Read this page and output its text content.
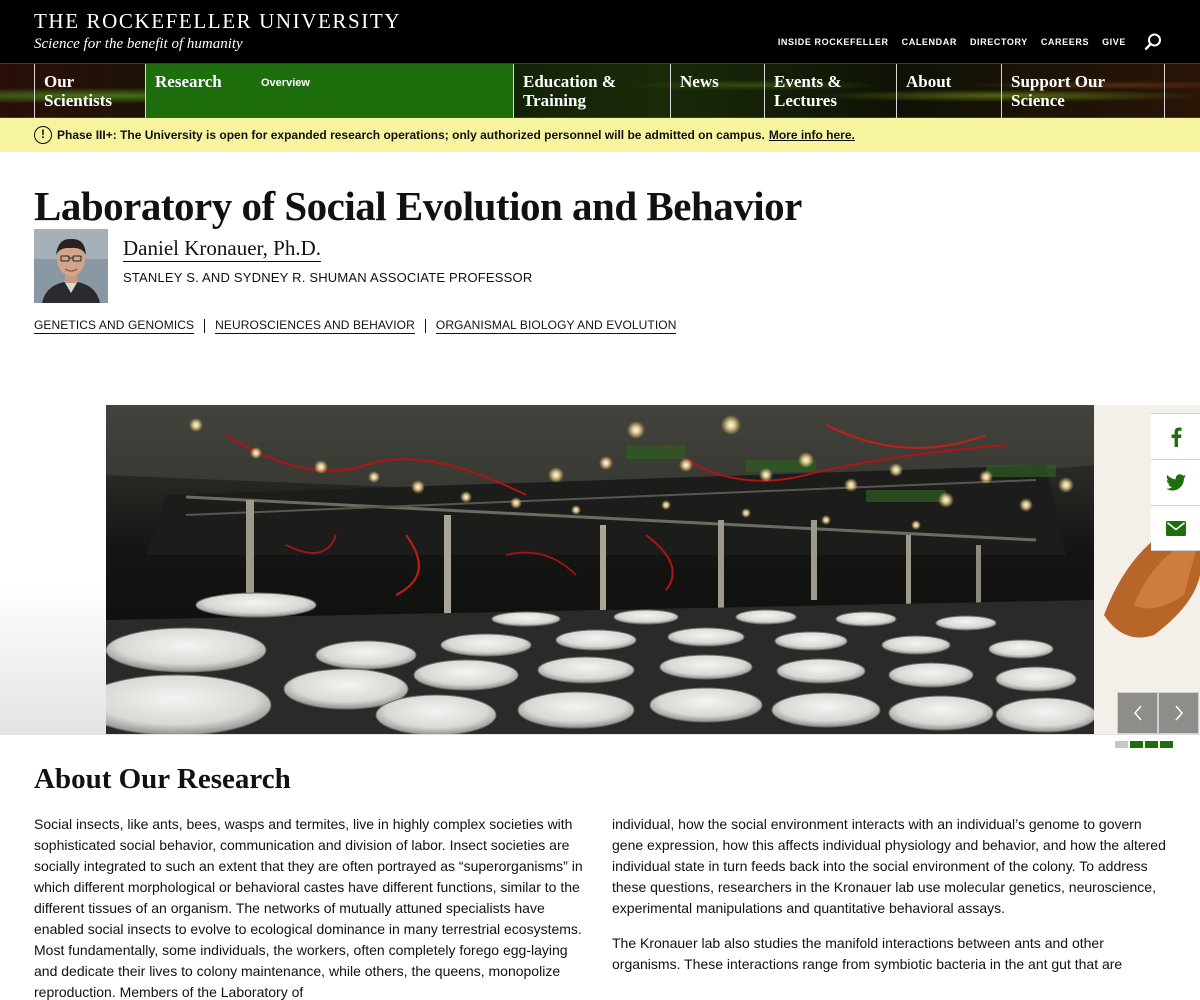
THE ROCKEFELLER UNIVERSITY
Science for the benefit of humanity	INSIDE ROCKEFELLER CALENDAR DIRECTORY CAREERS GIVE
Our
Scientists
Research	Overview	Education &
Training
News	Events &
Lectures
About	Support Our
Science
!	Phase III+: The University is open for expanded research operations; only authorized personnel will be admitted on campus. More info here.
Laboratory of Social Evolution and Behavior
Daniel Kronauer, Ph.D.
STANLEY S. AND SYDNEY R. SHUMAN ASSOCIATE PROFESSOR
GENETICS AND GENOMICS NEUROSCIENCES AND BEHAVIOR ORGANISMAL BIOLOGY AND EVOLUTION
About Our Research

Social insects, like ants, bees, wasps and termites, live in highly complex societies with sophisticated social behavior, communication and division of labor. Insect societies are socially integrated to such an extent that they are often portrayed as “superorganisms” in which different morphological or behavioral castes have different functions, similar to the different tissues of an organism. The networks of mutually attuned specialists have enabled social insects to evolve to ecological dominance in many terrestrial ecosystems. Most fundamentally, some individuals, the workers, often completely forego egg-laying and dedicate their lives to colony maintenance, while others, the queens, monopolize reproduction. Members of the Laboratory of

individual, how the social environment interacts with an individual’s genome to govern gene expression, how this affects individual physiology and behavior, and how the altered individual state in turn feeds back into the social environment of the colony. To address these questions, researchers in the Kronauer lab use molecular genetics, neuroscience, experimental manipulations and quantitative behavioral assays.

The Kronauer lab also studies the manifold interactions between ants and other organisms. These interactions range from symbiotic bacteria in the ant gut that are
